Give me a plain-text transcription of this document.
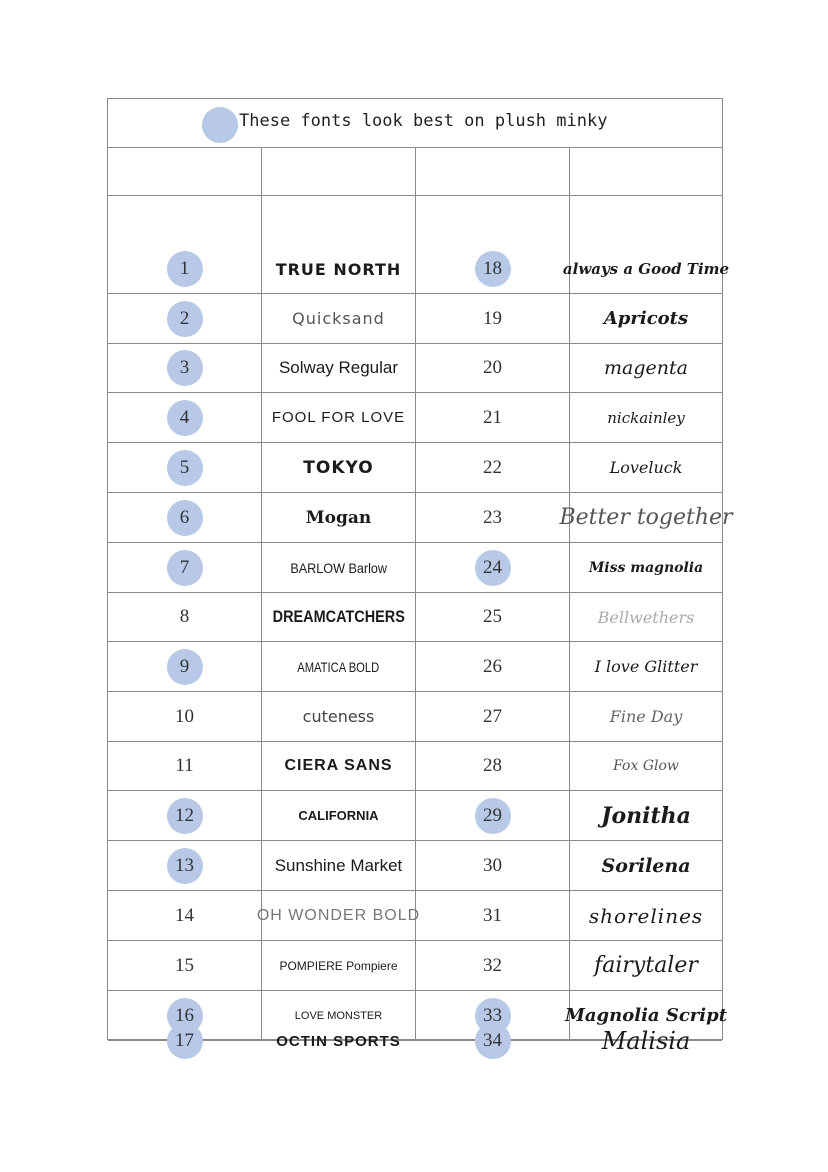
These fonts look best on plush minky
1	TRUE NORTH	18	always a Good Time
2	Quicksand	19	Apricots
3	Solway Regular	20	magenta
4	FOOL FOR LOVE	21	nickainley
5	TOKYO	22	Loveluck
6	Mogan	23	Better together
7	BARLOW Barlow	24	Miss magnolia
8	DREAMCATCHERS	25	Bellwethers
9	AMATICA BOLD	26	I love Glitter
10	cuteness	27	Fine Day
11	CIERA SANS	28	Fox Glow
12	CALIFORNIA	29	Jonitha
13	Sunshine Market	30	Sorilena
14	OH WONDER BOLD	31	shorelines
15	POMPIERE Pompiere	32	fairytaler
16	LOVE MONSTER	33	Magnolia Script
17	OCTIN SPORTS	34	Malisia
